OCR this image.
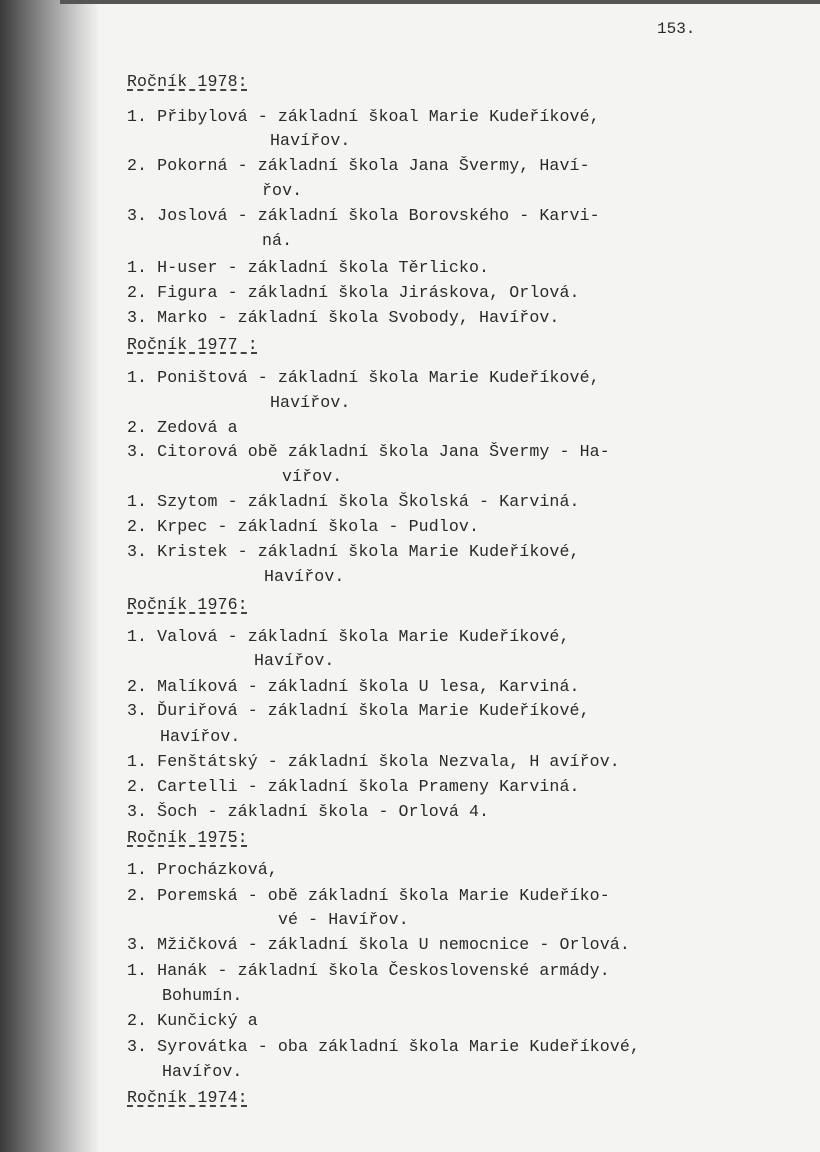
153.
Ročník 1978:
1. Přibylová - základní škoal Marie Kudeříkové,
Havířov.
2. Pokorná - základní škola Jana Švermy, Haví-
řov.
3. Joslová - základní škola Borovského - Karvi-
ná.
1. H-user - základní škola Těrlicko.
2. Figura - základní škola Jiráskova, Orlová.
3. Marko - základní škola Svobody, Havířov.
Ročník 1977 :
1. Poništová - základní škola Marie Kudeříkové,
Havířov.
2. Zedová a
3. Citorová obě základní škola Jana Švermy - Ha-
vířov.
1. Szytom - základní škola Školská - Karviná.
2. Krpec - základní škola - Pudlov.
3. Kristek - základní škola Marie Kudeříkové,
Havířov.
Ročník 1976:
1. Valová - základní škola Marie Kudeříkové,
Havířov.
2. Malíková - základní škola U lesa, Karviná.
3. Ďuriřová - základní škola Marie Kudeříkové,
Havířov.
1. Fenštátský - základní škola Nezvala, H avířov.
2. Cartelli - základní škola Prameny Karviná.
3. Šoch - základní škola - Orlová 4.
Ročník 1975:
1. Procházková,
2. Poremská - obě základní škola Marie Kudeříko-
vé - Havířov.
3. Mžičková - základní škola U nemocnice - Orlová.
1. Hanák - základní škola Československé armády.
Bohumín.
2. Kunčický a
3. Syrovátka - oba základní škola Marie Kudeříkové,
Havířov.
Ročník 1974:
